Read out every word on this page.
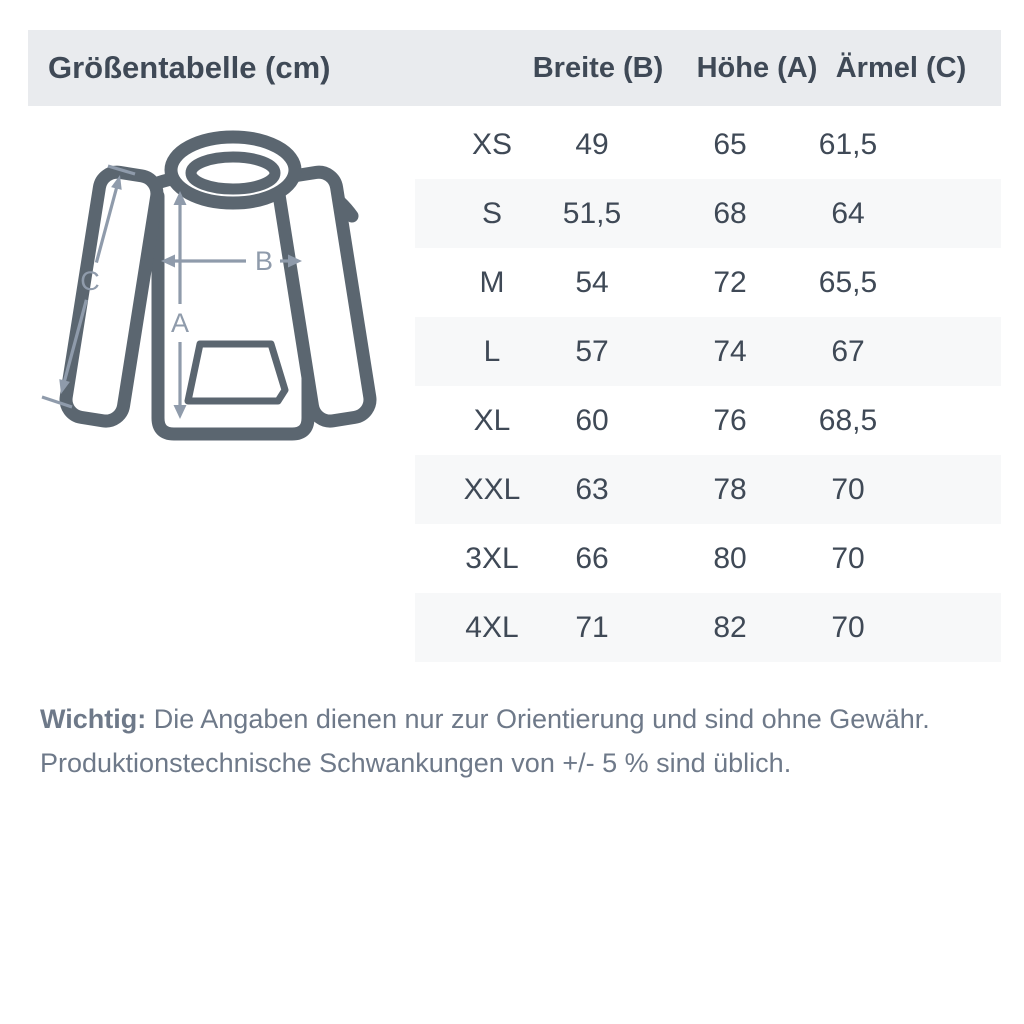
Größentabelle (cm)	Breite (B) Höhe (A) Ärmel (C)
C
B
A
XS 49	65 61,5
S 51,5	68	64
M 54	72 65,5
L 57	74	67
XL 60	76 68,5
XXL 63	78	70
3XL 66	80	70
4XL 71	82	70

Wichtig: Die Angaben dienen nur zur Orientierung und sind ohne Gewähr.
Produktionstechnische Schwankungen von +/- 5 % sind üblich.
